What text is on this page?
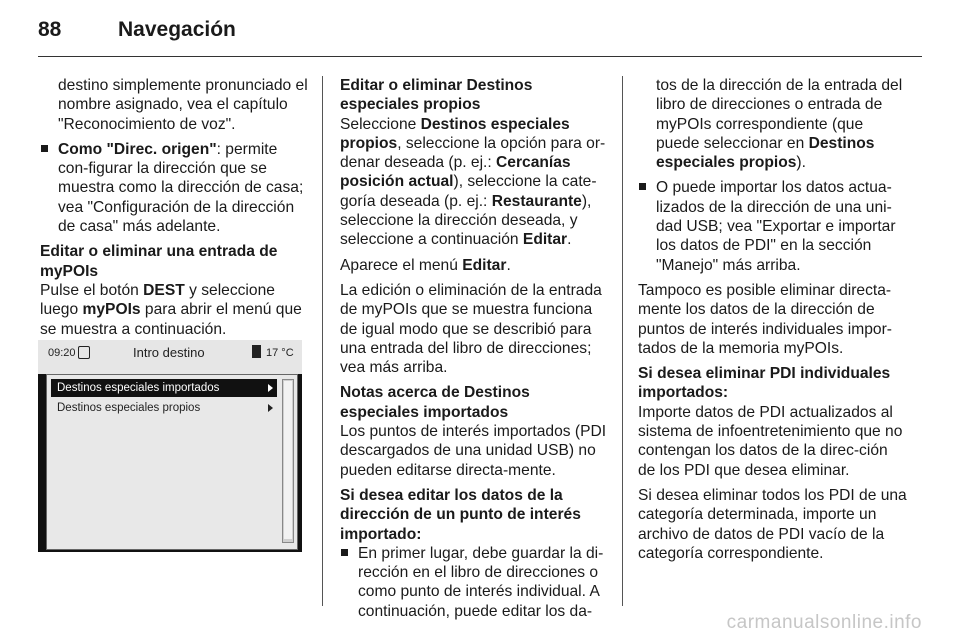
88	Navegación

destino simplemente pronunciado el nombre asignado, vea el capítulo "Reconocimiento de voz".

Como "Direc. origen": permite con-figurar la dirección que se muestra como la dirección de casa; vea "Configuración de la dirección de casa" más adelante.

Editar o eliminar una entrada de myPOIs

Pulse el botón DEST y seleccione luego myPOIs para abrir el menú que se muestra a continuación.

09:20	Intro destino	17 °C
Destinos especiales importados
Destinos especiales propios

Editar o eliminar Destinos especiales propios

Seleccione Destinos especiales propios, seleccione la opción para or-denar deseada (p. ej.: Cercanías posición actual), seleccione la cate-goría deseada (p. ej.: Restaurante), seleccione la dirección deseada, y seleccione a continuación Editar.

Aparece el menú Editar.

La edición o eliminación de la entrada de myPOIs que se muestra funciona de igual modo que se describió para una entrada del libro de direcciones; vea más arriba.

Notas acerca de Destinos especiales importados

Los puntos de interés importados (PDI descargados de una unidad USB) no pueden editarse directa-mente.

Si desea editar los datos de la dirección de un punto de interés importado:

En primer lugar, debe guardar la di-rección en el libro de direcciones o como punto de interés individual. A continuación, puede editar los da-

tos de la dirección de la entrada del libro de direcciones o entrada de myPOIs correspondiente (que puede seleccionar en Destinos especiales propios).

O puede importar los datos actua-lizados de la dirección de una uni-dad USB; vea "Exportar e importar los datos de PDI" en la sección "Manejo" más arriba.

Tampoco es posible eliminar directa-mente los datos de la dirección de puntos de interés individuales impor-tados de la memoria myPOIs.

Si desea eliminar PDI individuales importados:

Importe datos de PDI actualizados al sistema de infoentretenimiento que no contengan los datos de la direc-ción de los PDI que desea eliminar.

Si desea eliminar todos los PDI de una categoría determinada, importe un archivo de datos de PDI vacío de la categoría correspondiente.

carmanualsonline.info
